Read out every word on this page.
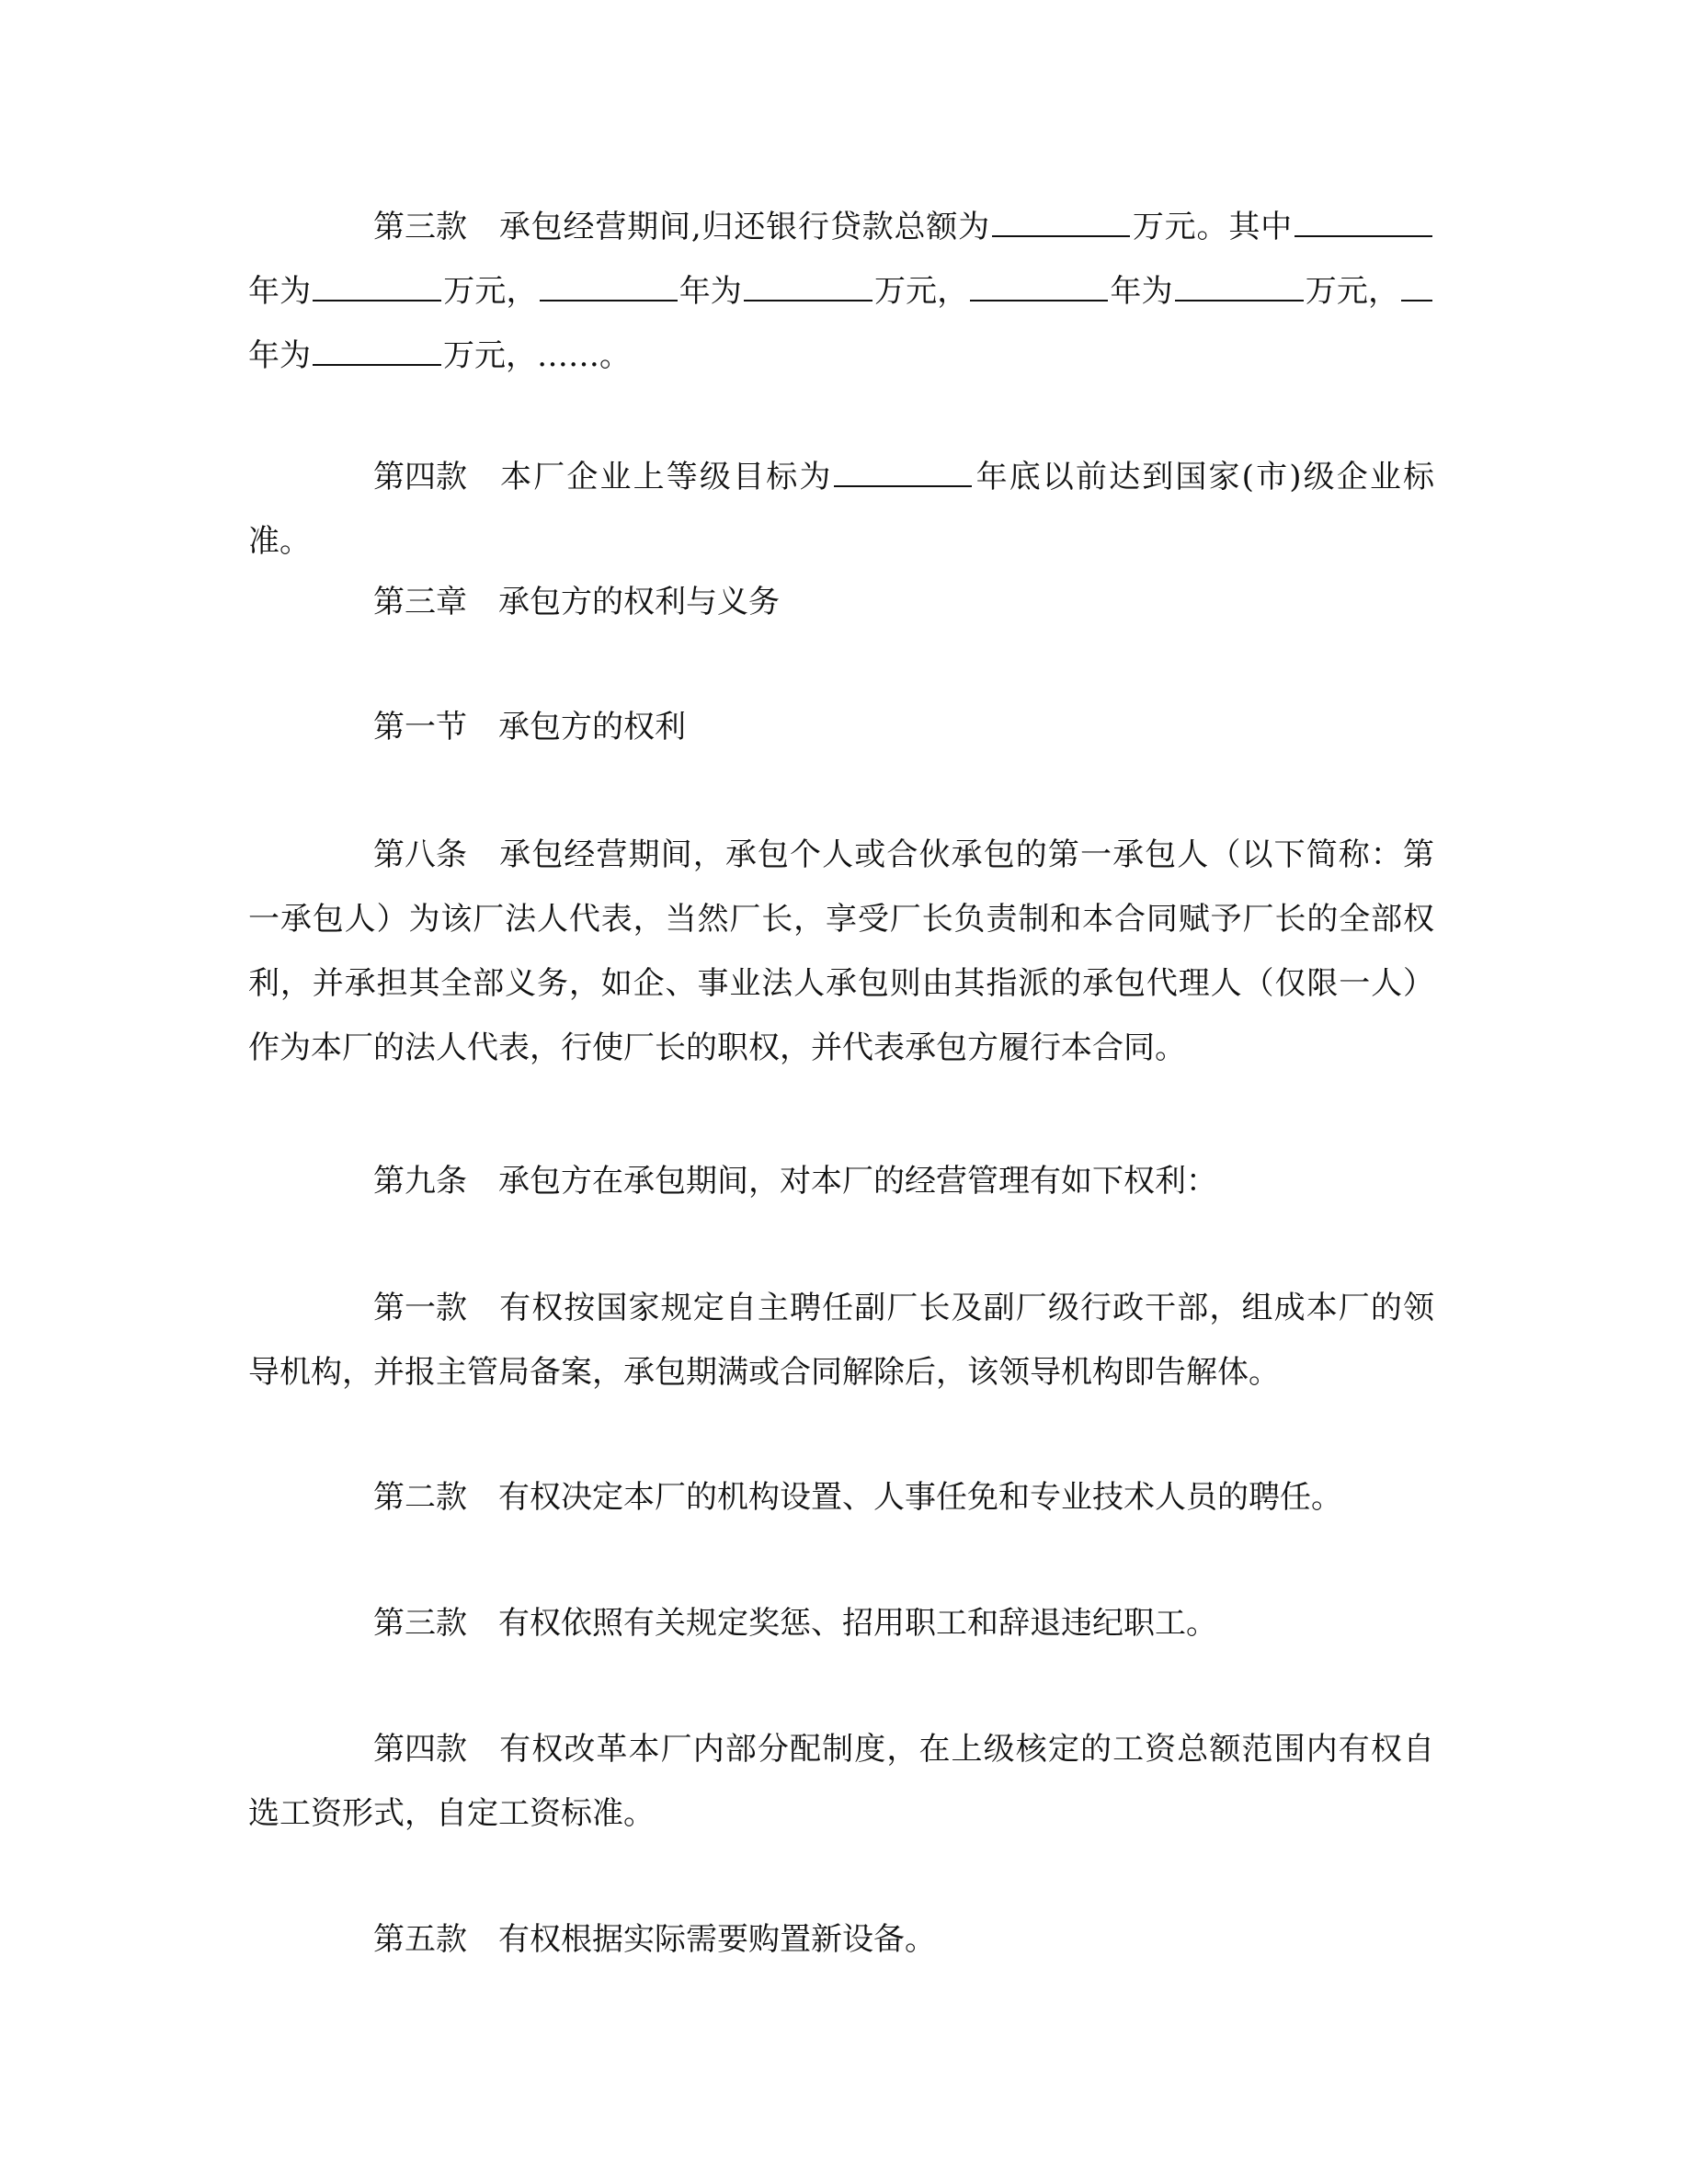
第三款 承包经营期间,归还银行贷款总额为	万元。其中年为	万元，	年为	万元，	年为	万元，年为	万元，……。

第四款 本厂企业上等级目标为	年底以前达到国家(市)级企业标准。

第三章 承包方的权利与义务

第一节 承包方的权利

第八条 承包经营期间，承包个人或合伙承包的第一承包人（以下简称：第一承包人）为该厂法人代表，当然厂长，享受厂长负责制和本合同赋予厂长的全部权利，并承担其全部义务，如企、事业法人承包则由其指派的承包代理人（仅限一人）作为本厂的法人代表，行使厂长的职权，并代表承包方履行本合同。

第九条 承包方在承包期间，对本厂的经营管理有如下权利：

第一款 有权按国家规定自主聘任副厂长及副厂级行政干部，组成本厂的领导机构，并报主管局备案，承包期满或合同解除后，该领导机构即告解体。

第二款 有权决定本厂的机构设置、人事任免和专业技术人员的聘任。

第三款 有权依照有关规定奖惩、招用职工和辞退违纪职工。

第四款 有权改革本厂内部分配制度，在上级核定的工资总额范围内有权自选工资形式，自定工资标准。

第五款 有权根据实际需要购置新设备。
